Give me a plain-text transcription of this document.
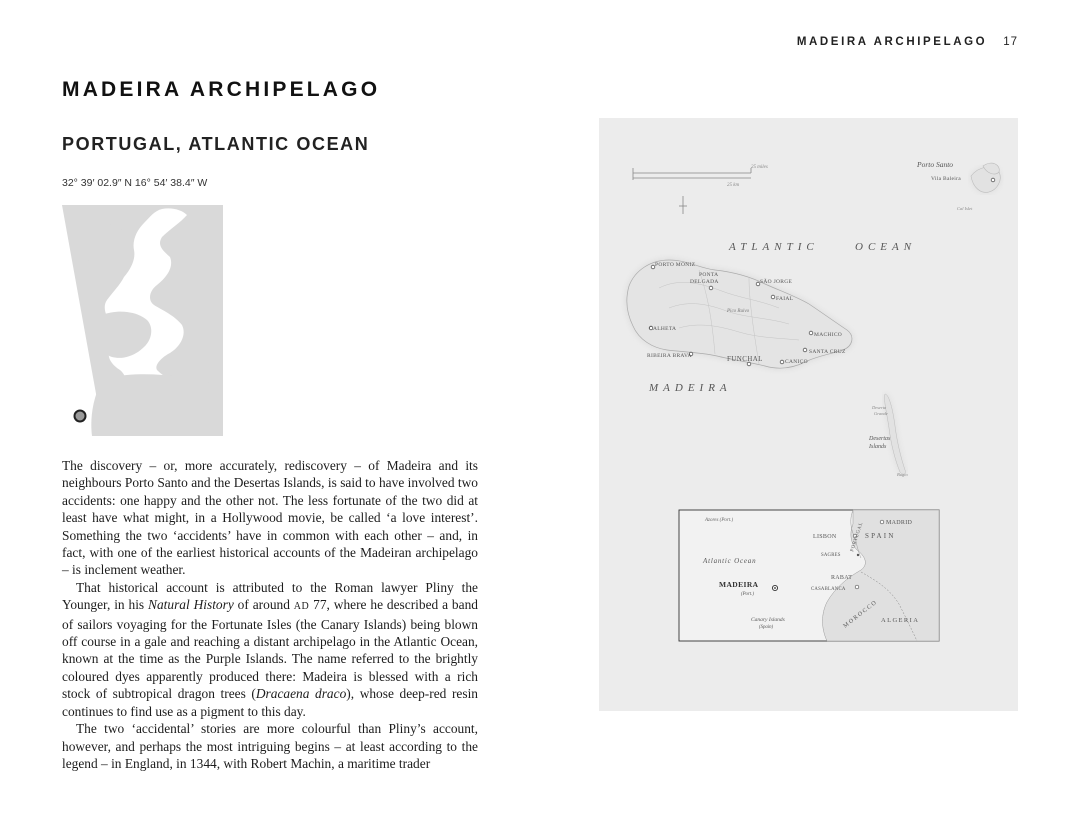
MADEIRA ARCHIPELAGO 17
MADEIRA ARCHIPELAGO
PORTUGAL, ATLANTIC OCEAN
32° 39′ 02.9″ N 16° 54′ 38.4″ W

The discovery – or, more accurately, rediscovery – of Madeira and its neighbours Porto Santo and the Desertas Islands, is said to have involved two accidents: one happy and the other not. The less fortunate of the two did at least have what might, in a Hollywood movie, be called ‘a love interest’. Something the two ‘accidents’ have in common with each other – and, in fact, with one of the earliest historical accounts of the Madeiran archipelago – is inclement weather.

That historical account is attributed to the Roman lawyer Pliny the Younger, in his Natural History of around AD 77, where he described a band of sailors voyaging for the Fortunate Isles (the Canary Islands) being blown off course in a gale and reaching a distant archipelago in the Atlantic Ocean, known at the time as the Purple Islands. The name referred to the brightly coloured dyes apparently produced there: Madeira is blessed with a rich stock of subtropical dragon trees (Dracaena draco), whose deep-red resin continues to find use as a pigment to this day.

The two ‘accidental’ stories are more colourful than Pliny’s account, however, and perhaps the most intriguing begins – at least according to the legend – in England, in 1344, with Robert Machin, a maritime trader

25 miles
25 km
Porto Santo
Vila Baleira
Cal Islet
ATLANTIC	OCEAN
PORTO MONIZ
PONTA
DELGADA	SÃO JORGE
FAIAL
Pico Ruivo
CALHETA
MACHICO
SANTA CRUZ
RIBEIRA BRAVA	FUNCHAL	CANIÇO
MADEIRA
Deserta
Grande
Desertas
Islands
Bugio
Azores (Port.)
PORTUGAL	MADRID
LISBON	SPAIN
SAGRES
Atlantic Ocean
RABAT
CASABLANCA
MADEIRA
(Port.)
MOROCCO
Canary Islands
(Spain)
ALGERIA
